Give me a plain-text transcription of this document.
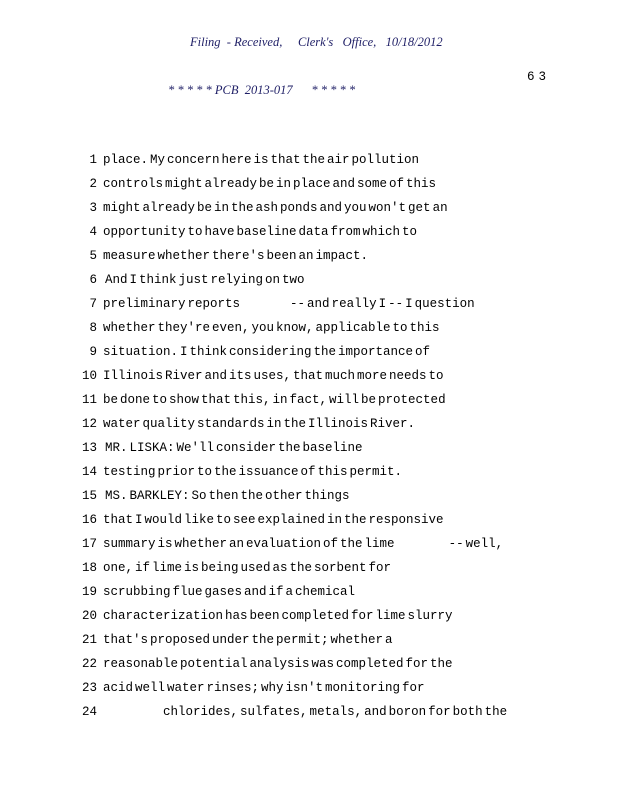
Filing  - Received,     Clerk's   Office,   10/18/2012

* * * * * PCB  2013-017      * * * * *

63
1 place. My concern here is that the air pollution
2 controls might already be in place and some of this
3 might already be in the ash ponds and you won't get an
4 opportunity to have baseline data from which to
5 measure whether there's been an impact.
6 And I think just relying on two
7 preliminary reports                         -- and really I -- I question
8 whether they're even, you know, applicable to this
9 situation. I think considering the importance of
10 Illinois River and its uses, that much more needs to
11 be done to show that this, in fact, will be protected
12 water quality standards in the Illinois River.
13 MR. LISKA: We'll consider the baseline
14 testing prior to the issuance of this permit.
15 MS. BARKLEY: So then the other things
16 that I would like to see explained in the responsive
17 summary is whether an evaluation of the lime                           -- well,
18 one, if lime is being used as the sorbent for
19 scrubbing flue gases and if a chemical
20 characterization has been completed for lime slurry
21 that's proposed under the permit; whether a
22 reasonable potential analysis was completed for the
23 acid well water rinses; why isn't monitoring for
24 chlorides, sulfates, metals, and boron for both the
